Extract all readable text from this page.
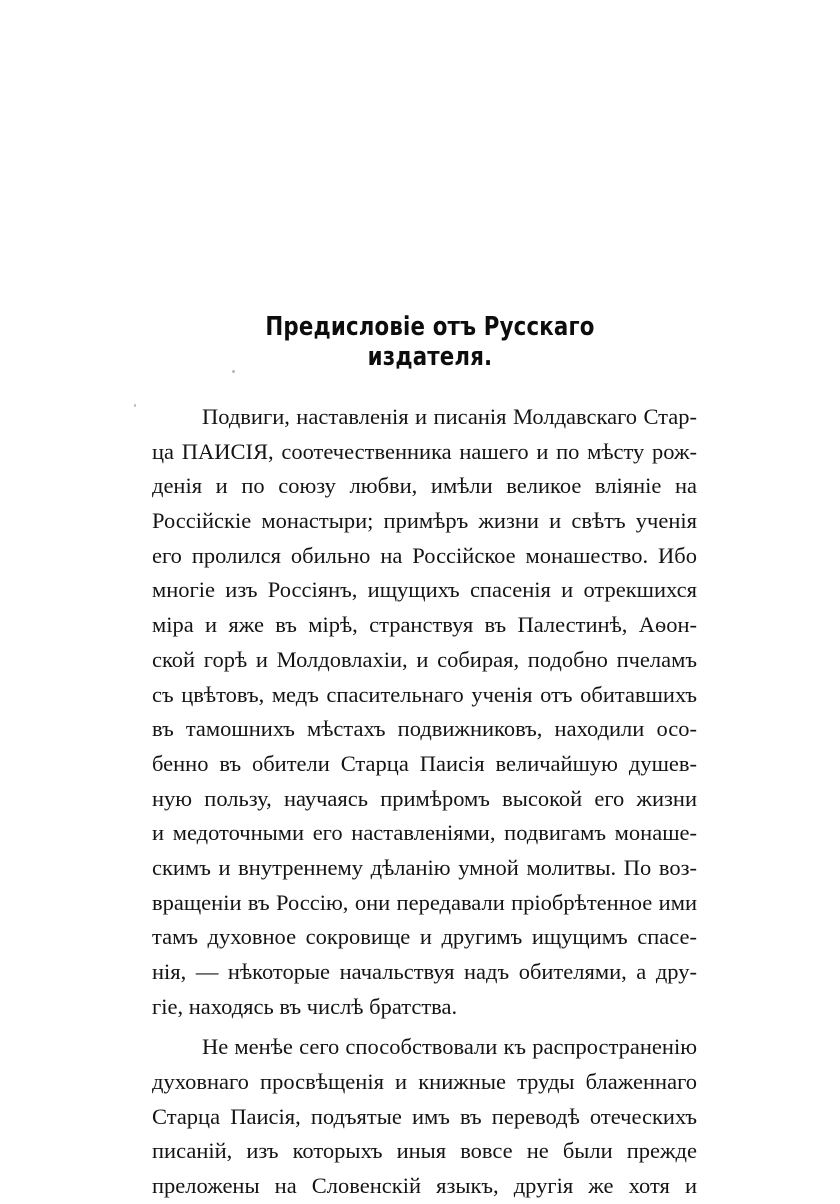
Предисловіе отъ Русскаго издателя.
Подвиги, наставленія и писанія Молдавскаго Стар-
ца ПАИСІЯ, соотечественника нашего и по мѣсту рож-
денія и по союзу любви, имѣли великое вліяніе на
Россійскіе монастыри; примѣръ жизни и свѣтъ ученія
его пролился обильно на Россійское монашество. Ибо
многіе изъ Россіянъ, ищущихъ спасенія и отрекшихся
міра и яже въ мірѣ, странствуя въ Палестинѣ, Аѳон-
ской горѣ и Молдовлахіи, и собирая, подобно пчеламъ
съ цвѣтовъ, медъ спасительнаго ученія отъ обитавшихъ
въ тамошнихъ мѣстахъ подвижниковъ, находили осо-
бенно въ обители Старца Паисія величайшую душев-
ную пользу, научаясь примѣромъ высокой его жизни
и медоточными его наставленіями, подвигамъ монаше-
скимъ и внутреннему дѣланію умной молитвы. По воз-
вращеніи въ Россію, они передавали пріобрѣтенное ими
тамъ духовное сокровище и другимъ ищущимъ спасе-
нія, — нѣкоторые начальствуя надъ обителями, а дру-
гіе, находясь въ числѣ братства.
Не менѣе сего способствовали къ распространенію
духовнаго просвѣщенія и книжные труды блаженнаго
Старца Паисія, подъятые имъ въ переводѣ отеческихъ
писаній, изъ которыхъ иныя вовсе не были прежде
преложены на Словенскій языкъ, другія же хотя и
